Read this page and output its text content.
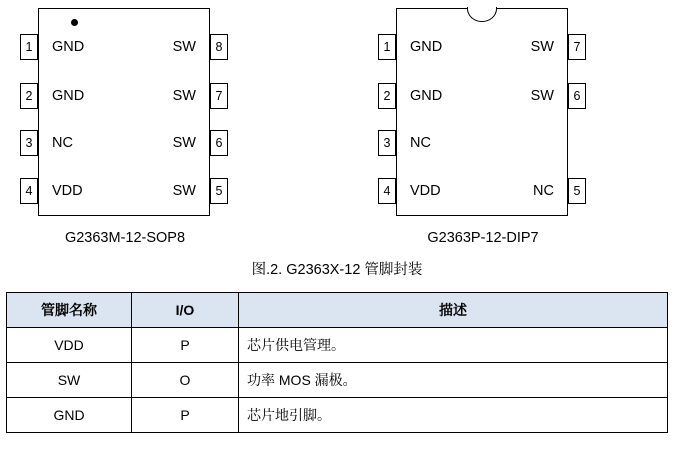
GND	SW
GND	SW
NC	SW
VDD	SW
1
2
3
4
8
7
6
5
G2363M-12-SOP8
GND	SW
GND	SW
NC
VDD	NC
1
2
3
4
7
6
5
G2363P-12-DIP7
图.2. G2363X-12 管脚封装
管脚名称	I/O	描述
VDD	P	芯片供电管理。
SW	O	功率 MOS 漏极。
GND	P	芯片地引脚。
